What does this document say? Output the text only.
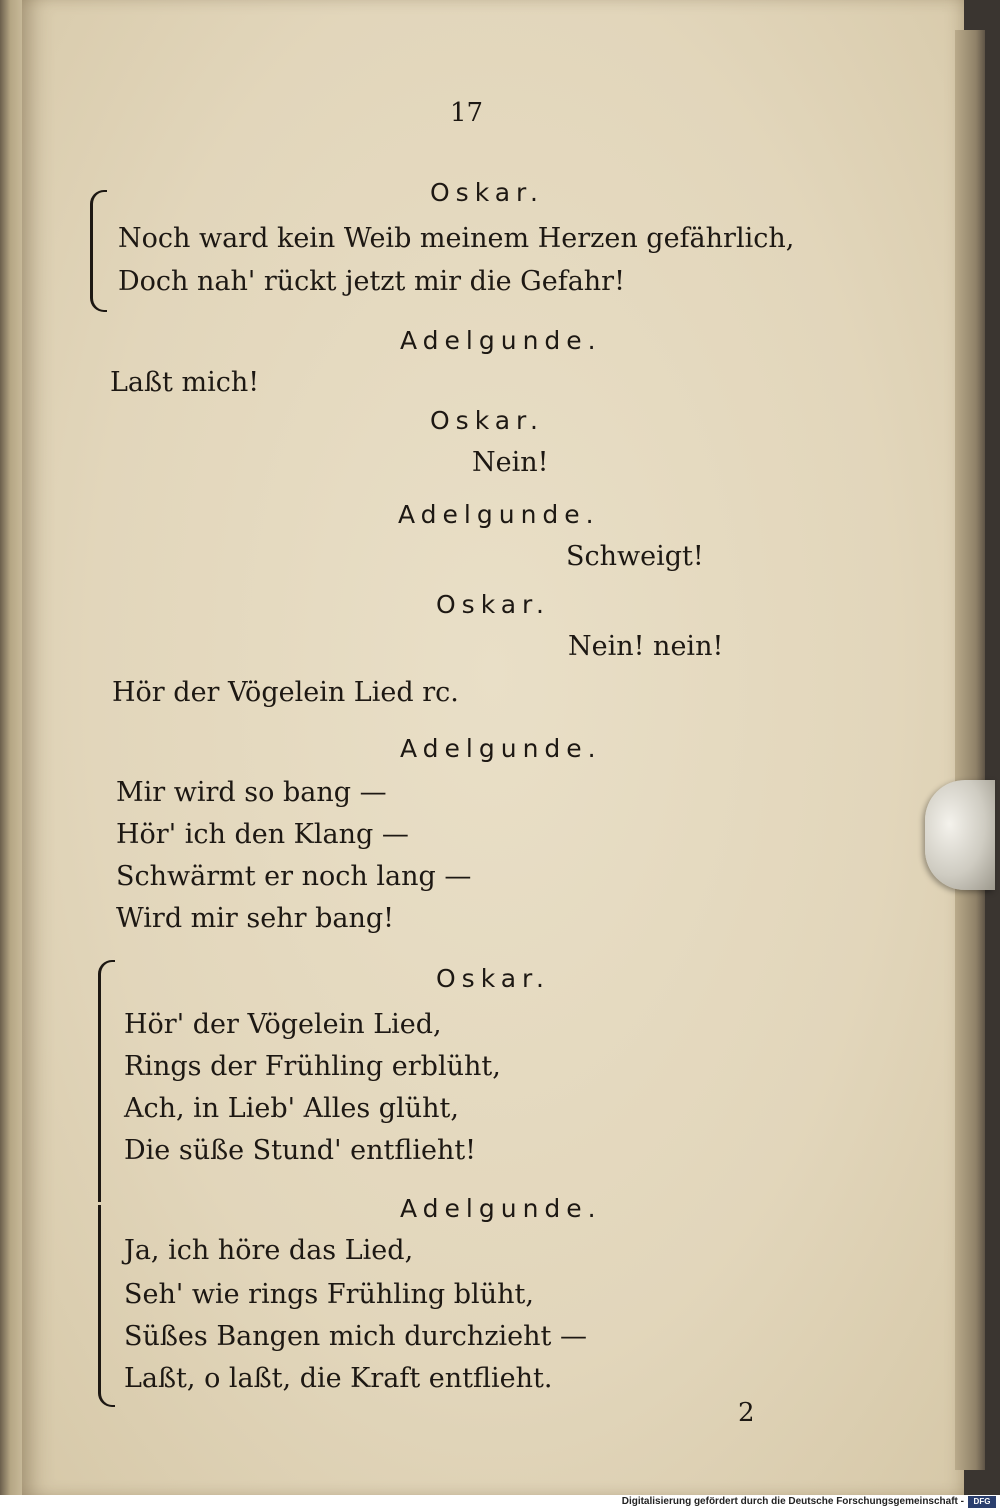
17
Oskar.
Noch ward kein Weib meinem Herzen gefährlich,
Doch nah' rückt jetzt mir die Gefahr!
Adelgunde.
Laßt mich!
Oskar.
Nein!
Adelgunde.
Schweigt!
Oskar.
Nein! nein!
Hör der Vögelein Lied rc.
Adelgunde.
Mir wird so bang —
Hör' ich den Klang —
Schwärmt er noch lang —
Wird mir sehr bang!
Oskar.
Hör' der Vögelein Lied,
Rings der Frühling erblüht,
Ach, in Lieb' Alles glüht,
Die süße Stund' entflieht!
Adelgunde.
Ja, ich höre das Lied,
Seh' wie rings Frühling blüht,
Süßes Bangen mich durchzieht —
Laßt, o laßt, die Kraft entflieht.
2
Digitalisierung gefördert durch die Deutsche Forschungsgemeinschaft -	DFG
